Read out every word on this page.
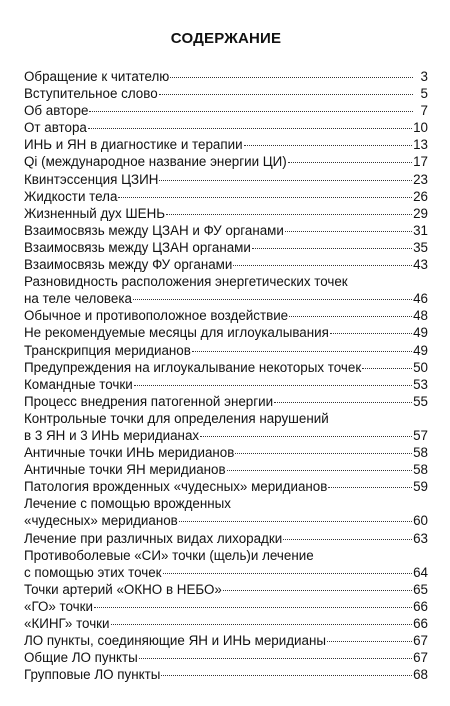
СОДЕРЖАНИЕ
Обращение к читателю	3
Вступительное слово	5
Об авторе	7
От автора	10
ИНЬ и ЯН в диагностике и терапии	13
Qi (международное название энергии ЦИ)	17
Квинтэссенция ЦЗИН	23
Жидкости тела	26
Жизненный дух ШЕНЬ	29
Взаимосвязь между ЦЗАН и ФУ органами	31
Взаимосвязь между ЦЗАН органами	35
Взаимосвязь между ФУ органами	43
Разновидность расположения энергетических точек
на теле человека	46
Обычное и противоположное воздействие	48
Не рекомендуемые месяцы для иглоукалывания	49
Транскрипция меридианов	49
Предупреждения на иглоукалывание некоторых точек	50
Командные точки	53
Процесс внедрения патогенной энергии	55
Контрольные точки для определения нарушений
в 3 ЯН и 3 ИНЬ меридианах	57
Античные точки ИНЬ меридианов	58
Античные точки ЯН меридианов	58
Патология врожденных «чудесных» меридианов	59
Лечение с помощью врожденных
«чудесных» меридианов	60
Лечение при различных видах лихорадки	63
Противоболевые «СИ» точки (щель)и лечение
с помощью этих точек	64
Точки артерий «ОКНО в НЕБО»	65
«ГО» точки	66
«КИНГ» точки	66
ЛО пункты, соединяющие ЯН и ИНЬ меридианы	67
Общие ЛО пункты	67
Групповые ЛО пункты	68
